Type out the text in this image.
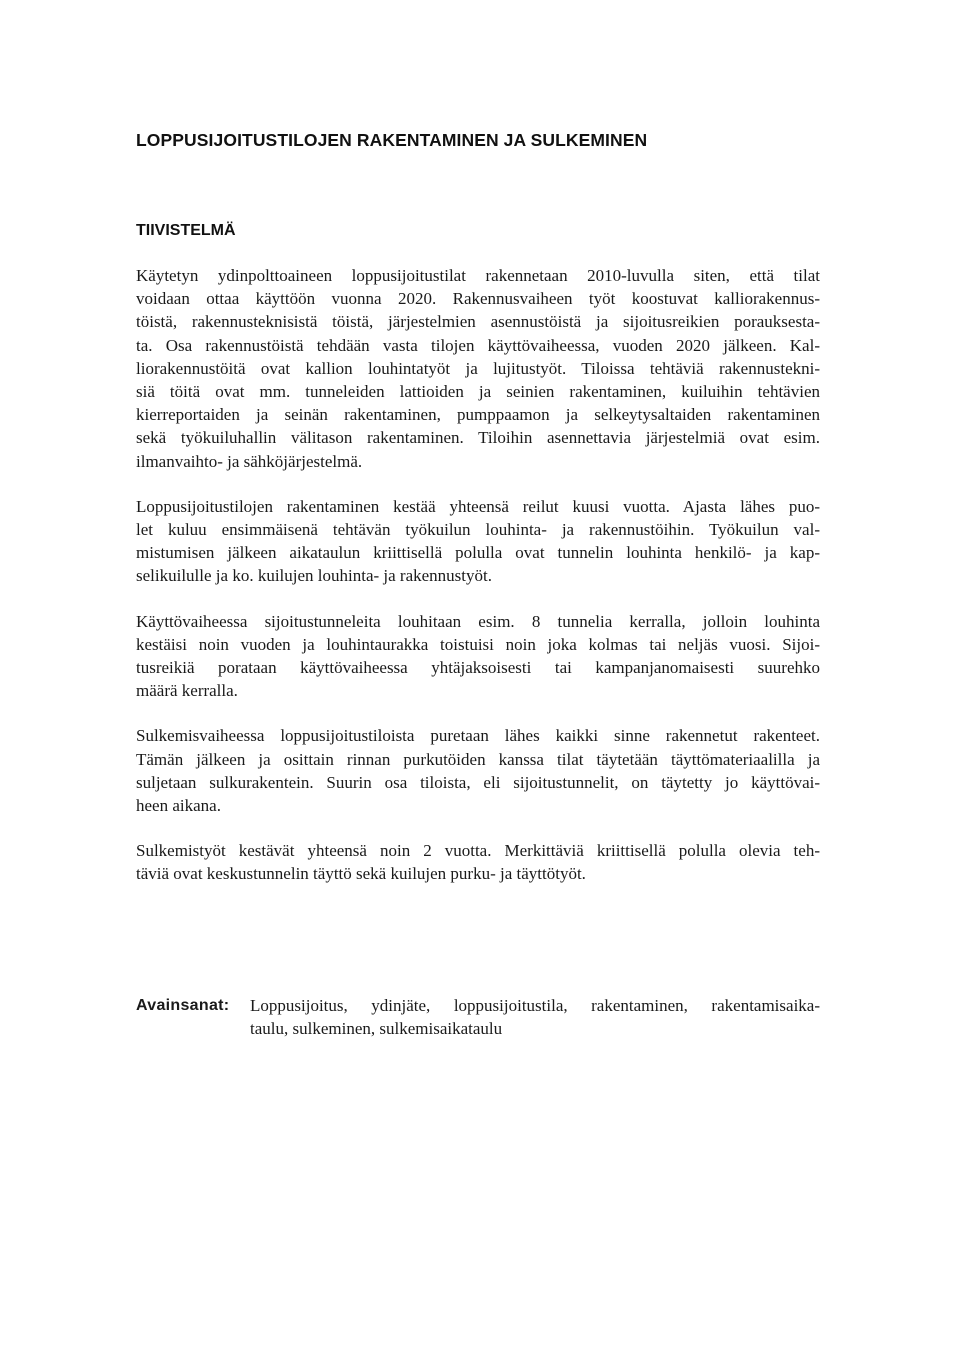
LOPPUSIJOITUSTILOJEN RAKENTAMINEN JA SULKEMINEN
TIIVISTELMÄ

Käytetyn ydinpolttoaineen loppusijoitustilat rakennetaan 2010-luvulla siten, että tilat
voidaan ottaa käyttöön vuonna 2020. Rakennusvaiheen työt koostuvat kalliorakennus-
töistä, rakennusteknisistä töistä, järjestelmien asennustöistä ja sijoitusreikien porauksesta-
ta. Osa rakennustöistä tehdään vasta tilojen käyttövaiheessa, vuoden 2020 jälkeen. Kal-
liorakennustöitä ovat kallion louhintatyöt ja lujitustyöt. Tiloissa tehtäviä rakennustekni-
siä töitä ovat mm. tunneleiden lattioiden ja seinien rakentaminen, kuiluihin tehtävien
kierreportaiden ja seinän rakentaminen, pumppaamon ja selkeytysaltaiden rakentaminen
sekä työkuiluhallin välitason rakentaminen. Tiloihin asennettavia järjestelmiä ovat esim.
ilmanvaihto- ja sähköjärjestelmä.

Loppusijoitustilojen rakentaminen kestää yhteensä reilut kuusi vuotta. Ajasta lähes puo-
let kuluu ensimmäisenä tehtävän työkuilun louhinta- ja rakennustöihin. Työkuilun val-
mistumisen jälkeen aikataulun kriittisellä polulla ovat tunnelin louhinta henkilö- ja kap-
selikuilulle ja ko. kuilujen louhinta- ja rakennustyöt.

Käyttövaiheessa sijoitustunneleita louhitaan esim. 8 tunnelia kerralla, jolloin louhinta
kestäisi noin vuoden ja louhintaurakka toistuisi noin joka kolmas tai neljäs vuosi. Sijoi-
tusreikiä porataan käyttövaiheessa yhtäjaksoisesti tai kampanjanomaisesti suurehko
määrä kerralla.

Sulkemisvaiheessa loppusijoitustiloista puretaan lähes kaikki sinne rakennetut rakenteet.
Tämän jälkeen ja osittain rinnan purkutöiden kanssa tilat täytetään täyttömateriaalilla ja
suljetaan sulkurakentein. Suurin osa tiloista, eli sijoitustunnelit, on täytetty jo käyttövai-
heen aikana.

Sulkemistyöt kestävät yhteensä noin 2 vuotta. Merkittäviä kriittisellä polulla olevia teh-
täviä ovat keskustunnelin täyttö sekä kuilujen purku- ja täyttötyöt.

Avainsanat: Loppusijoitus, ydinjäte, loppusijoitustila, rakentaminen, rakentamisaika-
taulu, sulkeminen, sulkemisaikataulu
